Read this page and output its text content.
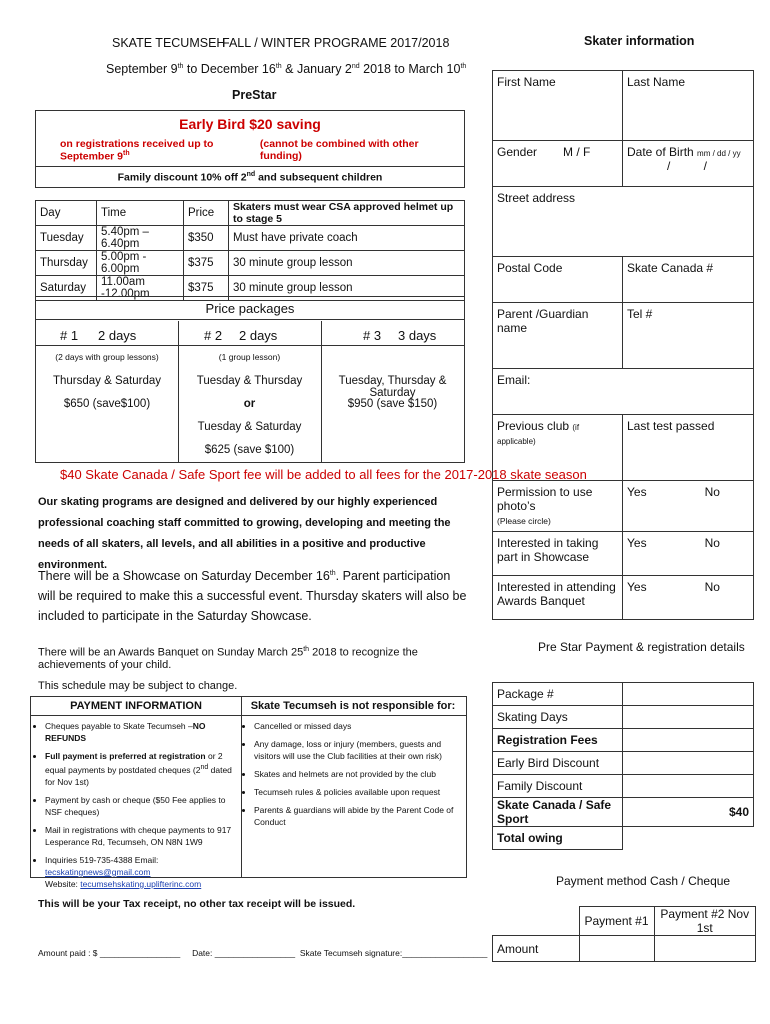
SKATE TECUMSEH
FALL / WINTER PROGRAME 2017/2018
September 9th to December 16th & January 2nd 2018 to March 10th
PreStar
Early Bird $20 saving
on registrations received up to September 9th
(cannot be combined with other funding)
Family discount 10% off 2nd and subsequent children
Day	Time	Price	Skaters must wear CSA approved helmet up to stage 5
Tuesday	5.40pm – 6.40pm	$350	Must have private coach
Thursday	5.00pm - 6.00pm	$375	30 minute group lesson
Saturday	11.00am -12.00pm	$375	30 minute group lesson
Price packages
# 1 2 days
(2 days with group lessons)
Thursday & Saturday
$650 (save$100)
# 2 2 days
(1 group lesson)
Tuesday & Thursday
or
Tuesday & Saturday
$625 (save $100)
# 3 3 days
Tuesday, Thursday & Saturday
$950 (save $150)
$40 Skate Canada / Safe Sport fee will be added to all fees for the 2017-2018 skate season
Our skating programs are designed and delivered by our highly experienced professional coaching staff committed to growing, developing and meeting the needs of all skaters, all levels, and all abilities in a positive and productive environment.
There will be a Showcase on Saturday December 16th. Parent participation will be required to make this a successful event. Thursday skaters will also be included to participate in the Saturday Showcase.
There will be an Awards Banquet on Sunday March 25th 2018 to recognize the achievements of your child.
This schedule may be subject to change.
PAYMENT INFORMATION
• Cheques payable to Skate Tecumseh –NO REFUNDS
• Full payment is preferred at registration or 2 equal payments by postdated cheques (2nd dated for Nov 1st)
• Payment by cash or cheque ($50 Fee applies to NSF cheques)
• Mail in registrations with cheque payments to 917 Lesperance Rd, Tecumseh, ON N8N 1W9
• Inquiries 519-735-4388 Email: tecskatingnews@gmail.com
Website: tecumsehskating.uplifterinc.com
Skate Tecumseh is not responsible for:
• Cancelled or missed days
• Any damage, loss or injury (members, guests and visitors will use the Club facilities at their own risk)
• Skates and helmets are not provided by the club
• Tecumseh rules & policies available upon request
• Parents & guardians will abide by the Parent Code of Conduct
This will be your Tax receipt, no other tax receipt will be issued.
Amount paid : $ _________________     Date: _________________  Skate Tecumseh signature:__________________
Skater information
First Name	Last Name
Gender M / F	Date of Birth mm / dd / yy
/          /
Street address	
Postal Code	Skate Canada #
Parent /Guardian name	Tel #
Email:	
Previous club (if applicable)	Last test passed
Permission to use photo’s
(Please circle)	Yes No
Interested in taking part in Showcase	Yes No
Interested in attending Awards Banquet	Yes No
Pre Star Payment & registration details
Package #	
Skating Days	
Registration Fees	
Early Bird Discount	
Family Discount	
Skate Canada / Safe Sport	$40
Total owing	
Payment method Cash / Cheque
	Payment #1	Payment #2 Nov 1st
Amount		
